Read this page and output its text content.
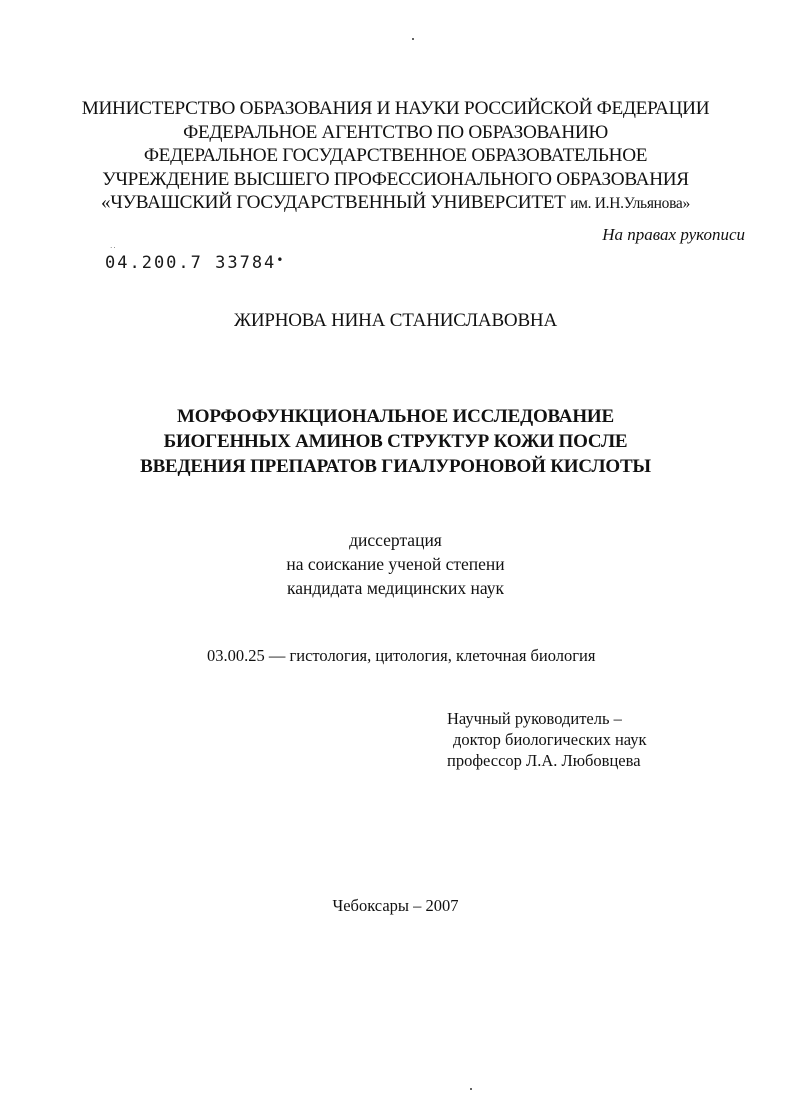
МИНИСТЕРСТВО ОБРАЗОВАНИЯ И НАУКИ РОССИЙСКОЙ ФЕДЕРАЦИИ
ФЕДЕРАЛЬНОЕ АГЕНТСТВО ПО ОБРАЗОВАНИЮ
ФЕДЕРАЛЬНОЕ ГОСУДАРСТВЕННОЕ ОБРАЗОВАТЕЛЬНОЕ
УЧРЕЖДЕНИЕ ВЫСШЕГО ПРОФЕССИОНАЛЬНОГО ОБРАЗОВАНИЯ
«ЧУВАШСКИЙ ГОСУДАРСТВЕННЫЙ УНИВЕРСИТЕТ им. И.Н.Ульянова»
На правах рукописи
··
04.200.7 33784•
ЖИРНОВА НИНА СТАНИСЛАВОВНА
МОРФОФУНКЦИОНАЛЬНОЕ ИССЛЕДОВАНИЕ
БИОГЕННЫХ АМИНОВ СТРУКТУР КОЖИ ПОСЛЕ
ВВЕДЕНИЯ ПРЕПАРАТОВ ГИАЛУРОНОВОЙ КИСЛОТЫ
диссертация
на соискание ученой степени
кандидата медицинских наук
03.00.25 — гистология, цитология, клеточная биология
Научный руководитель –
доктор биологических наук
профессор Л.А. Любовцева
Чебоксары – 2007
